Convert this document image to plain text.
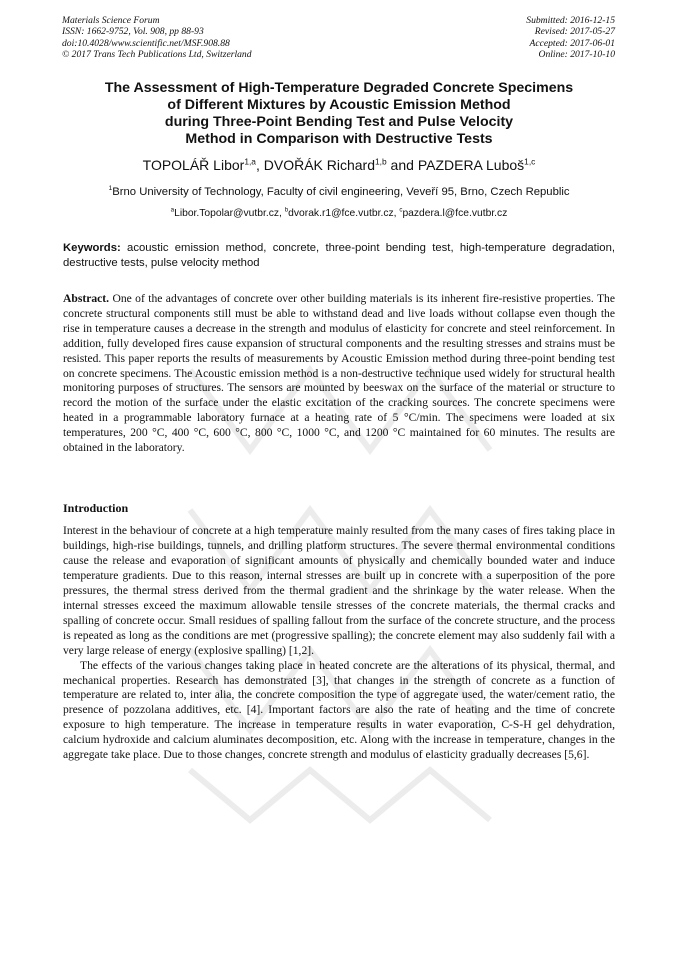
Materials Science Forum
ISSN: 1662-9752, Vol. 908, pp 88-93
doi:10.4028/www.scientific.net/MSF.908.88
© 2017 Trans Tech Publications Ltd, Switzerland
Submitted: 2016-12-15
Revised: 2017-05-27
Accepted: 2017-06-01
Online: 2017-10-10
The Assessment of High-Temperature Degraded Concrete Specimens
of Different Mixtures by Acoustic Emission Method
during Three-Point Bending Test and Pulse Velocity
Method in Comparison with Destructive Tests
TOPOLÁŘ Libor$^{1,a}$, DVOŘÁK Richard$^{1,b}$ and PAZDERA Luboš$^{1,c}$
$^1$Brno University of Technology, Faculty of civil engineering, Veveří 95, Brno, Czech Republic
$^a$Libor.Topolar@vutbr.cz, $^b$dvorak.r1@fce.vutbr.cz, $^c$pazdera.l@fce.vutbr.cz
Keywords: acoustic emission method, concrete, three-point bending test, high-temperature degradation, destructive tests, pulse velocity method
Abstract. One of the advantages of concrete over other building materials is its inherent fire-resistive properties. The concrete structural components still must be able to withstand dead and live loads without collapse even though the rise in temperature causes a decrease in the strength and modulus of elasticity for concrete and steel reinforcement. In addition, fully developed fires cause expansion of structural components and the resulting stresses and strains must be resisted. This paper reports the results of measurements by Acoustic Emission method during three-point bending test on concrete specimens. The Acoustic emission method is a non-destructive technique used widely for structural health monitoring purposes of structures. The sensors are mounted by beeswax on the surface of the material or structure to record the motion of the surface under the elastic excitation of the cracking sources. The concrete specimens were heated in a programmable laboratory furnace at a heating rate of 5 °C/min. The specimens were loaded at six temperatures, 200 °C, 400 °C, 600 °C, 800 °C, 1000 °C, and 1200 °C maintained for 60 minutes. The results are obtained in the laboratory.
Introduction

Interest in the behaviour of concrete at a high temperature mainly resulted from the many cases of fires taking place in buildings, high-rise buildings, tunnels, and drilling platform structures. The severe thermal environmental conditions cause the release and evaporation of significant amounts of physically and chemically bounded water and induce temperature gradients. Due to this reason, internal stresses are built up in concrete with a superposition of the pore pressures, the thermal stress derived from the thermal gradient and the shrinkage by the water release. When the internal stresses exceed the maximum allowable tensile stresses of the concrete materials, the thermal cracks and spalling of concrete occur. Small residues of spalling fallout from the surface of the concrete structure, and the process is repeated as long as the conditions are met (progressive spalling); the concrete element may also suddenly fail with a very large release of energy (explosive spalling) [1,2].

The effects of the various changes taking place in heated concrete are the alterations of its physical, thermal, and mechanical properties. Research has demonstrated [3], that changes in the strength of concrete as a function of temperature are related to, inter alia, the concrete composition the type of aggregate used, the water/cement ratio, the presence of pozzolana additives, etc. [4]. Important factors are also the rate of heating and the time of concrete exposure to high temperature. The increase in temperature results in water evaporation, C-S-H gel dehydration, calcium hydroxide and calcium aluminates decomposition, etc. Along with the increase in temperature, changes in the aggregate take place. Due to those changes, concrete strength and modulus of elasticity gradually decreases [5,6].
